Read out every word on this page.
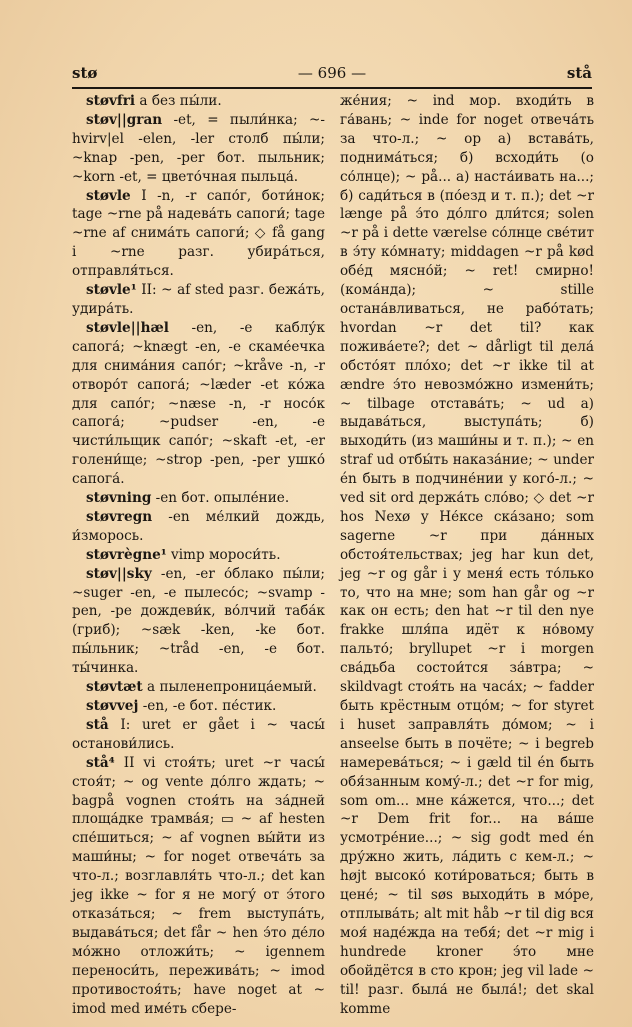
stø	— 696 —	stå

støvfri a без пы́ли.

støv||gran -et, = пыли́нка; ~-hvirv|el -elen, -ler столб пы́ли; ~knap -pen, -per бот. пыльник; ~korn -et, = цвето́чная пыльца́.

støvle I -n, -r сапо́г, боти́нок; tage ~rne på надева́ть сапоги́; tage ~rne af снима́ть сапоги́; ◇ få gang i ~rne разг. убира́ться, отправля́ться.

støvle¹ II: ~ af sted разг. бежа́ть, удира́ть.

støvle||hæl -en, -e каблу́к сапога́; ~knægt -en, -e скаме́ечка для снима́ния сапо́г; ~kråve -n, -r отворо́т сапога́; ~læder -et ко́жа для сапо́г; ~næse -n, -r носо́к сапога́; ~pudser -en, -e чисти́льщик сапо́г; ~skaft -et, -er голени́ще; ~strop -pen, -per ушко́ сапога́.

støvning -en бот. опыле́ние.

støvregn -en ме́лкий дождь, и́зморось.

støvrègne¹ vimp мороси́ть.

støv||sky -en, -er о́блако пы́ли; ~suger -en, -e пылесо́с; ~svamp -pen, -pe дождеви́к, во́лчий таба́к (гриб); ~sæk -ken, -ke бот. пы́льник; ~tråd -en, -e бот. ты́чинка.

støvtæt a пыленепроница́емый.

støvvej -en, -e бот. пе́стик.

stå I: uret er gået i ~ часы́ останови́лись.

stå⁴ II vi стоя́ть; uret ~r часы́ стоя́т; ~ og vente до́лго ждать; ~ bagpå vognen стоя́ть на за́дней площа́дке трамва́я; ▭ ~ af hesten спе́шиться; ~ af vognen вы́йти из маши́ны; ~ for noget отвеча́ть за что-л.; возглавля́ть что-л.; det kan jeg ikke ~ for я не могу́ от э́того отказа́ться; ~ frem выступа́ть, выдава́ться; det får ~ hen э́то де́ло мо́жно отложи́ть; ~ igennem переноси́ть, пережива́ть; ~ imod противостоя́ть; have noget at ~ imod med име́ть сбере-

же́ния; ~ ind мор. входи́ть в га́вань; ~ inde for noget отвеча́ть за что-л.; ~ op а) встава́ть, поднима́ться; б) всходи́ть (о со́лнце); ~ på... а) наста́ивать на...; б) сади́ться в (по́езд и т. п.); det ~r længe på э́то до́лго дли́тся; solen ~r på i dette værelse со́лнце све́тит в э́ту ко́мнату; middagen ~r på kød обе́д мясно́й; ~ ret! смирно! (кома́нда); ~ stille остана́вливаться, не рабо́тать; hvordan ~r det til? как пожива́ете?; det ~ dårligt til дела́ обсто́ят пло́хо; det ~r ikke til at ændre э́то невозмо́жно измени́ть; ~ tilbage отстава́ть; ~ ud а) выдава́ться, выступа́ть; б) выходи́ть (из маши́ны и т. п.); ~ en straf ud отбы́ть наказа́ние; ~ under én быть в подчине́нии у кого́-л.; ~ ved sit ord держа́ть сло́во; ◇ det ~r hos Nexø у Не́ксе ска́зано; som sagerne ~r при да́нных обстоя́тельствах; jeg har kun det, jeg ~r og går i у меня́ есть то́лько то, что на мне; som han går og ~r как он есть; den hat ~r til den nye frakke шля́па идёт к но́вому пальто́; bryllupet ~r i morgen сва́дьба состои́тся за́втра; ~ skildvagt стоя́ть на часа́х; ~ fadder быть крёстным отцо́м; ~ for styret i huset заправля́ть до́мом; ~ i anseelse быть в почёте; ~ i begreb намерева́ться; ~ i gæld til én быть обя́занным кому́-л.; det ~r for mig, som om... мне ка́жется, что...; det ~r Dem frit for... на ва́ше усмотре́ние...; ~ sig godt med én дру́жно жить, ла́дить с кем-л.; ~ højt высоко́ коти́роваться; быть в цене́; ~ til søs выходи́ть в мо́ре, отплыва́ть; alt mit håb ~r til dig вся моя́ наде́жда на тебя́; det ~r mig i hundrede kroner э́то мне обойдётся в сто крон; jeg vil lade ~ til! разг. была́ не была́!; det skal komme
